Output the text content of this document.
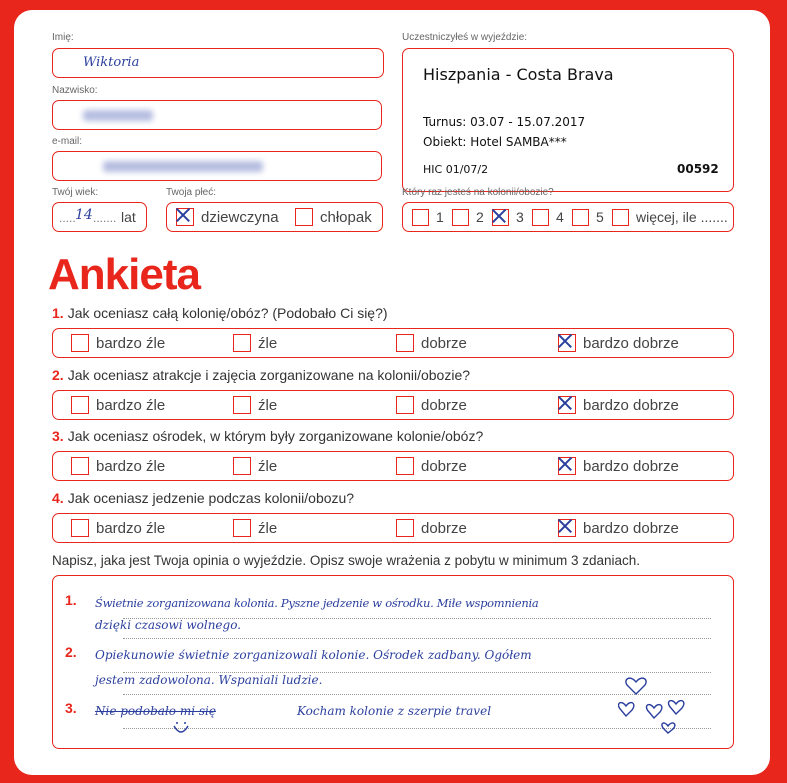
Imię:
Wiktoria
Nazwisko:
e-mail:
Twój wiek:
..... 14 ....... lat
Twoja płeć:
dziewczyna	chłopak
Uczestniczyłeś w wyjeździe:
Hiszpania - Costa Brava
Turnus: 03.07 - 15.07.2017
Obiekt: Hotel SAMBA***
HIC 01/07/2	00592
Który raz jesteś na kolonii/obozie?
1 2 3 4 5 więcej, ile .......
Ankieta
1. Jak oceniasz całą kolonię/obóz? (Podobało Ci się?)
bardzo źle	źle	dobrze	bardzo dobrze
2. Jak oceniasz atrakcje i zajęcia zorganizowane na kolonii/obozie?
bardzo źle	źle	dobrze	bardzo dobrze
3. Jak oceniasz ośrodek, w którym były zorganizowane kolonie/obóz?
bardzo źle	źle	dobrze	bardzo dobrze
4. Jak oceniasz jedzenie podczas kolonii/obozu?
bardzo źle	źle	dobrze	bardzo dobrze
Napisz, jaka jest Twoja opinia o wyjeździe. Opisz swoje wrażenia z pobytu w minimum 3 zdaniach.
1.
2.
3.
Świetnie zorganizowana kolonia. Pyszne jedzenie w ośrodku. Miłe wspomnienia
dzięki czasowi wolnego.
Opiekunowie świetnie zorganizowali kolonie. Ośrodek zadbany. Ogółem
jestem zadowolona. Wspaniali ludzie.
Nie podobało mi się	Kocham kolonie z szerpie travel
